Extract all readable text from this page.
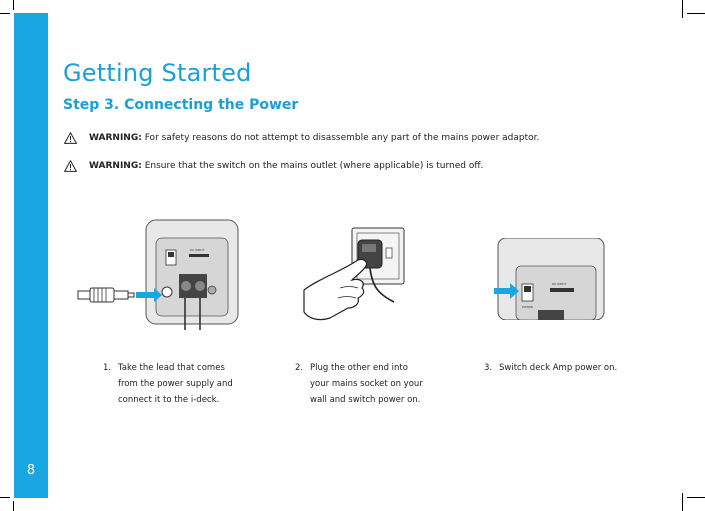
8
Getting Started
Step 3. Connecting the Power
WARNING: For safety reasons do not attempt to disassemble any part of the mains power adaptor.
WARNING: Ensure that the switch on the mains outlet (where applicable) is turned off.
DC INPUT
POWER
DC INPUT
1. Take the lead that comes
from the power supply and
connect it to the i-deck.
2. Plug the other end into
your mains socket on your
wall and switch power on.
3. Switch deck Amp power on.
